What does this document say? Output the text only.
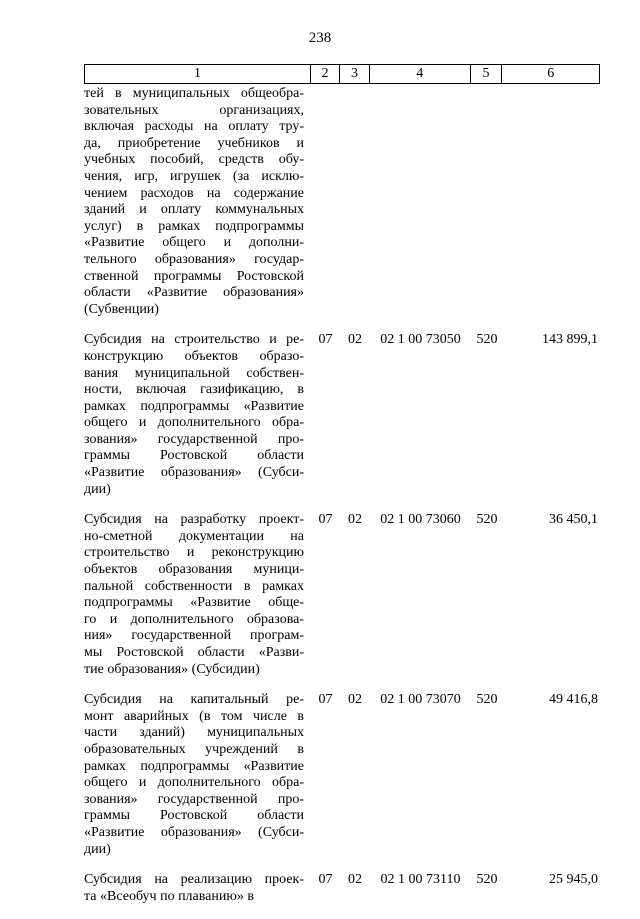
238
1	2	3	4	5	6
тей в муниципальных общеобра-
зовательных организациях,
включая расходы на оплату тру-
да, приобретение учебников и
учебных пособий, средств обу-
чения, игр, игрушек (за исклю-
чением расходов на содержание
зданий и оплату коммунальных
услуг) в рамках подпрограммы
«Развитие общего и дополни-
тельного образования» государ-
ственной программы Ростовской
области «Развитие образования»
(Субвенции)
Субсидия на строительство и ре-
конструкцию объектов образо-
вания муниципальной собствен-
ности, включая газификацию, в
рамках подпрограммы «Развитие
общего и дополнительного обра-
зования» государственной про-
граммы Ростовской области
«Развитие образования» (Субси-
дии)
07	02	02 1 00 73050	520	143 899,1
Субсидия на разработку проект-
но-сметной документации на
строительство и реконструкцию
объектов образования муници-
пальной собственности в рамках
подпрограммы «Развитие обще-
го и дополнительного образова-
ния» государственной програм-
мы Ростовской области «Разви-
тие образования» (Субсидии)
07	02	02 1 00 73060	520	36 450,1
Субсидия на капитальный ре-
монт аварийных (в том числе в
части зданий) муниципальных
образовательных учреждений в
рамках подпрограммы «Развитие
общего и дополнительного обра-
зования» государственной про-
граммы Ростовской области
«Развитие образования» (Субси-
дии)
07	02	02 1 00 73070	520	49 416,8
Субсидия на реализацию проек-
та «Всеобуч по плаванию» в
07	02	02 1 00 73110	520	25 945,0
